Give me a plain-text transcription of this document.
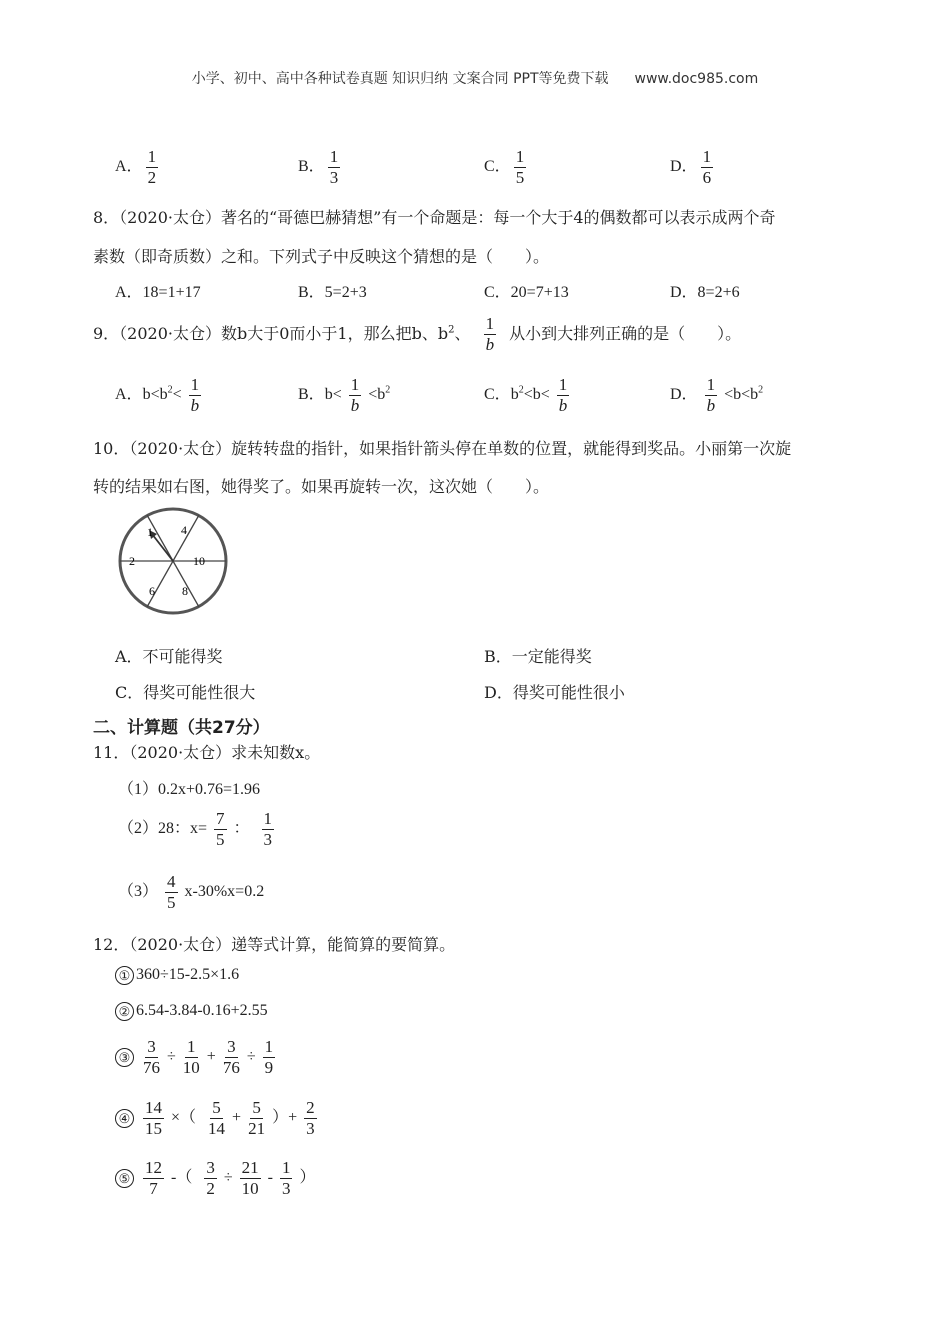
小学、初中、高中各种试卷真题 知识归纳 文案合同 PPT等免费下载 www.doc985.com
A． $\frac{1}{2}$	B． $\frac{1}{3}$	C． $\frac{1}{5}$	D． $\frac{1}{6}$
8．（2020·太仓）著名的“哥德巴赫猜想”有一个命题是：每一个大于4的偶数都可以表示成两个奇
素数（即奇质数）之和。下列式子中反映这个猜想的是（　　）。
A．18=1+17	B．5=2+3	C．20=7+13	D．8=2+6
9．（2020·太仓）数b大于0而小于1，那么把b、$b^2$、 $\frac{1}{b}$ 从小到大排列正确的是（　　）。
A．$b<b^2< \frac{1}{b}$	B．$b< \frac{1}{b} <b^2$	C．$b^2<b< \frac{1}{b}$	D． $\frac{1}{b} <b<b^2$
10．（2020·太仓）旋转转盘的指针，如果指针箭头停在单数的位置，就能得到奖品。小丽第一次旋
转的结果如右图，她得奖了。如果再旋转一次，这次她（　　）。
1 4
10
8
6
2
A．不可能得奖	B．一定能得奖
C．得奖可能性很大	D．得奖可能性很小
二、计算题（共27分）
11．（2020·太仓）求未知数x。
（1）0.2x+0.76=1.96
（2）28：$x= \frac{7}{5}$ ： $\frac{1}{3}$
$(3) \frac{4}{5} x-30\%x=0.2$
12．（2020·太仓）递等式计算，能简算的要简算。
① 360÷15-2.5×1.6
② 6.54-3.84-0.16+2.55
③ $\frac{3}{76} \div \frac{1}{10} + \frac{3}{76} \div \frac{1}{9}$
④ $\frac{14}{15}$ ×（ $\frac{5}{14} + \frac{5}{21}$ ）+ $\frac{2}{3}$
⑤ $\frac{12}{7}$ -（ $\frac{3}{2} \div \frac{21}{10} - \frac{1}{3}$ ）
